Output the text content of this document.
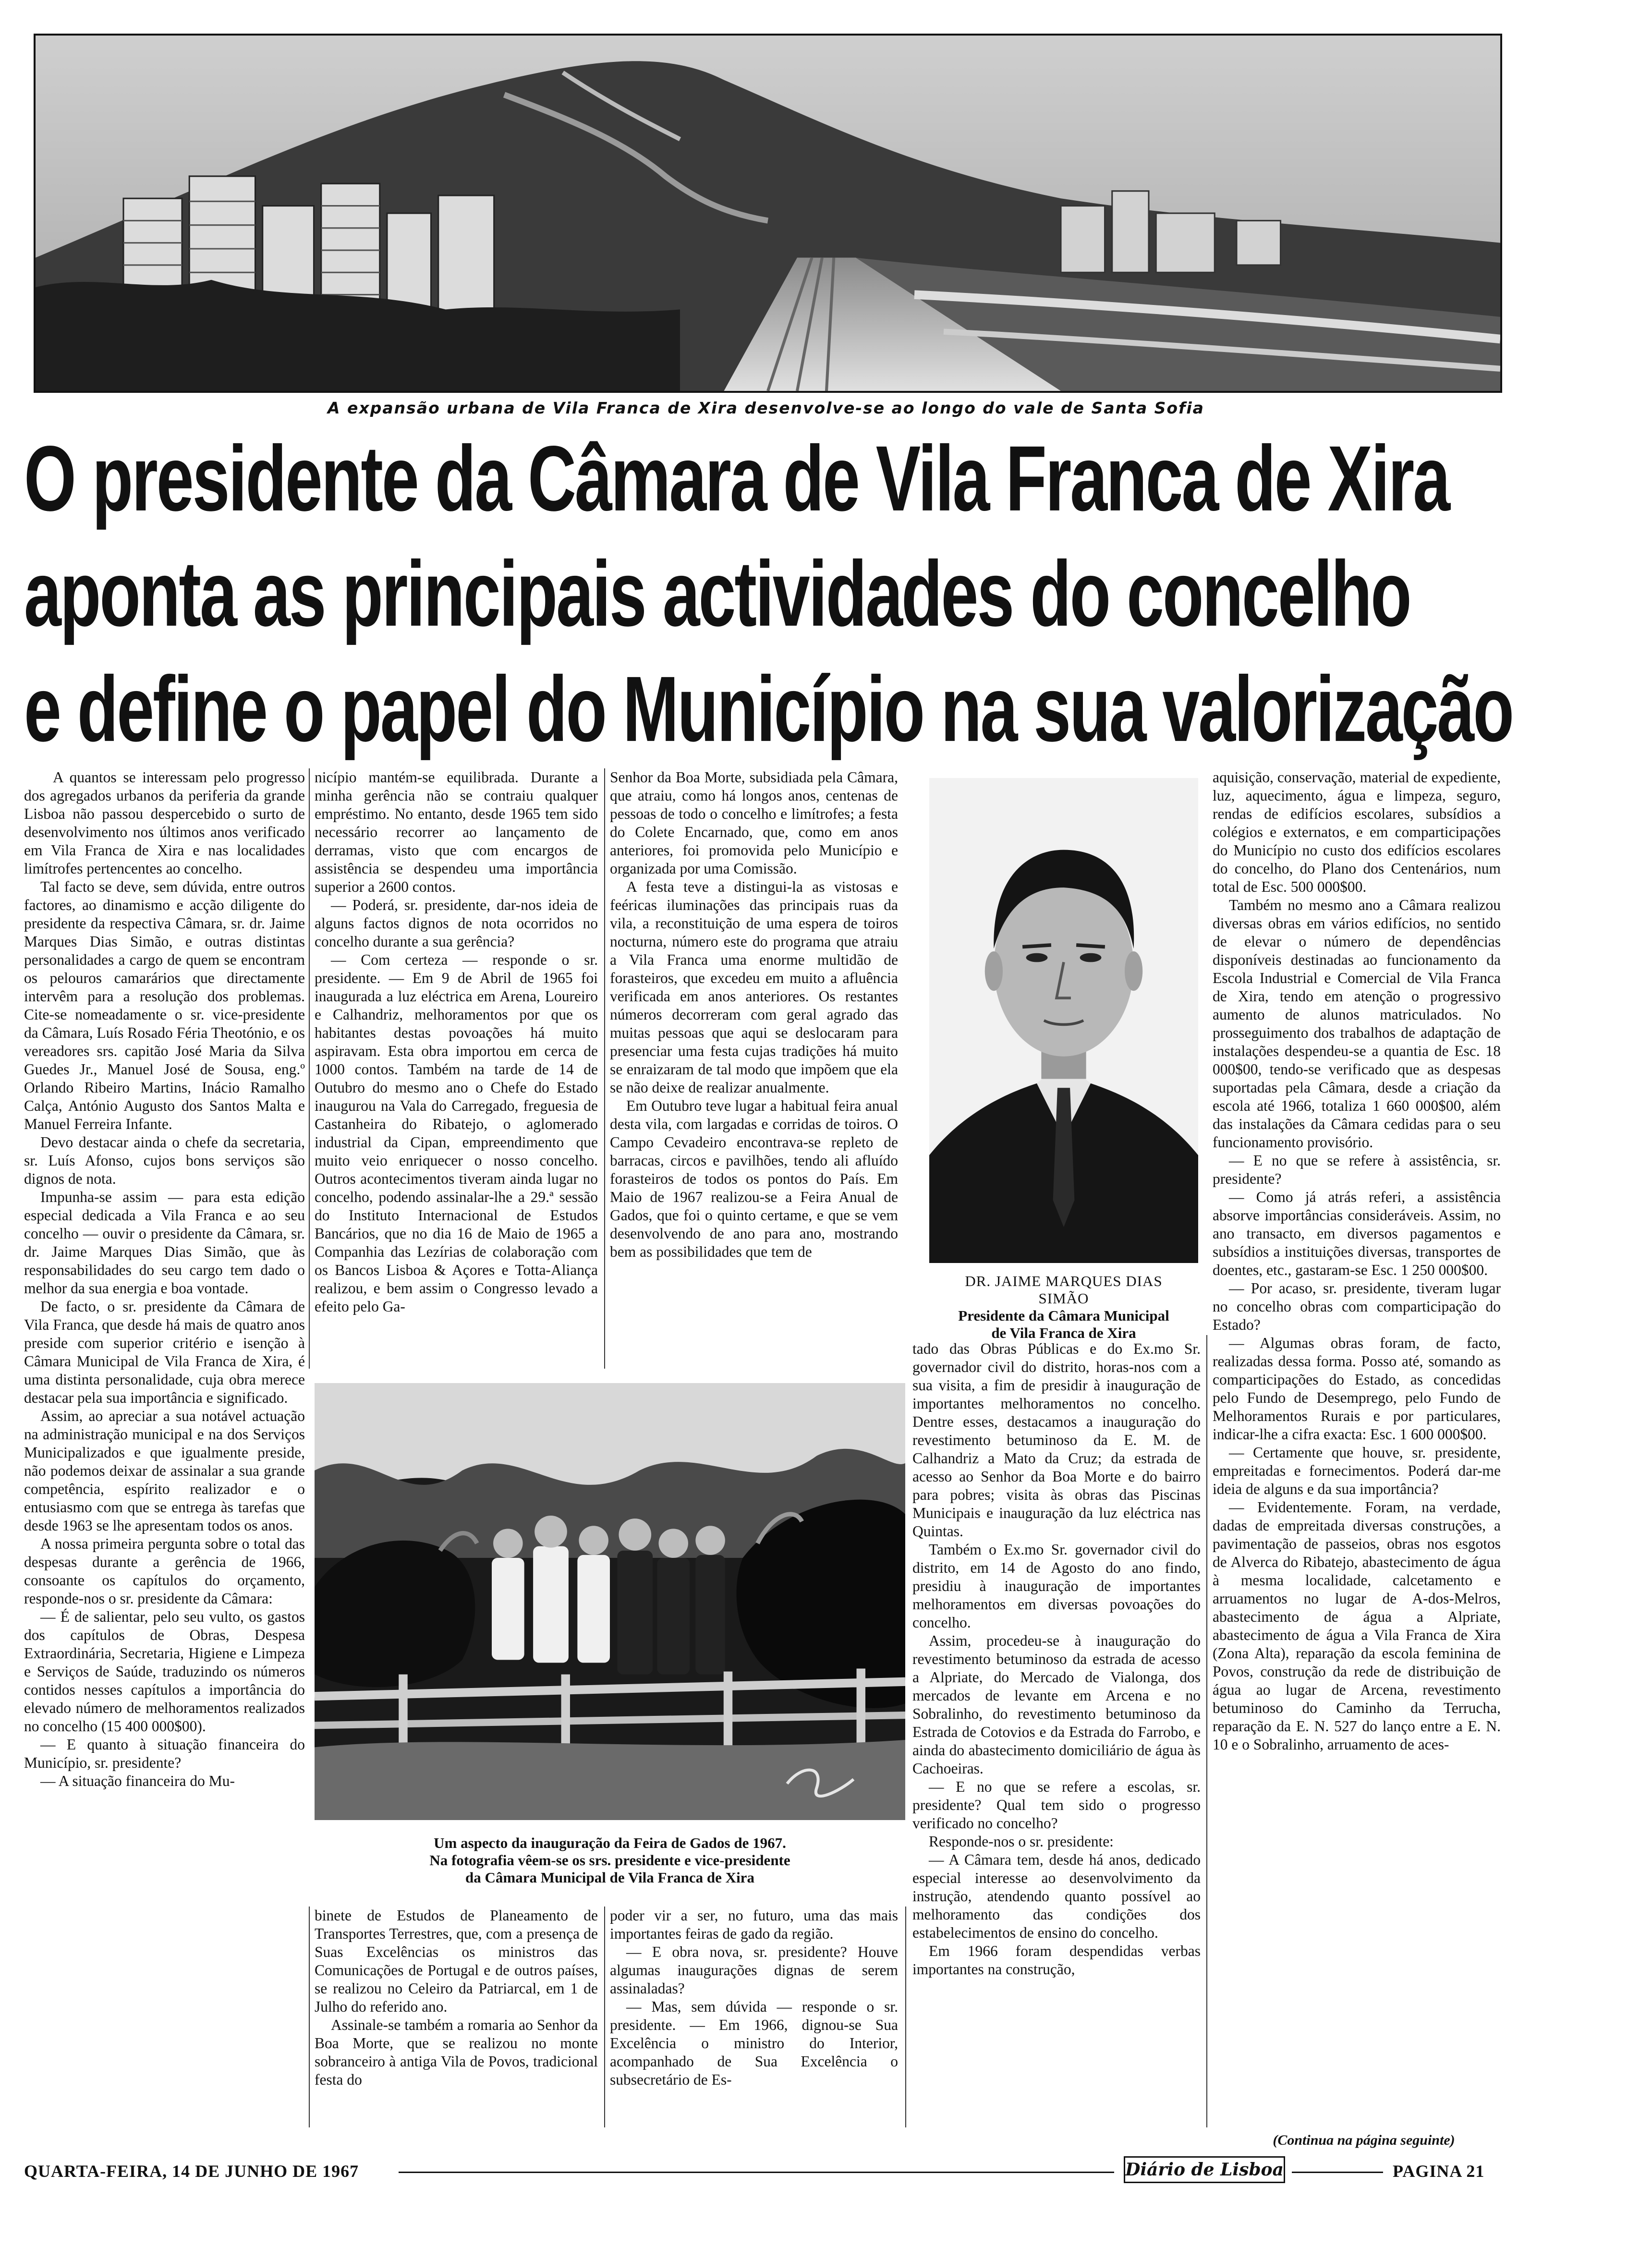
A expansão urbana de Vila Franca de Xira desenvolve-se ao longo do vale de Santa Sofia
O presidente da Câmara de Vila Franca de Xira
aponta as principais actividades do concelho
e define o papel do Município na sua valorização

A quantos se interessam pelo progresso dos agregados urbanos da periferia da grande Lisboa não passou despercebido o surto de desenvolvimento nos últimos anos verificado em Vila Franca de Xira e nas localidades limítrofes pertencentes ao concelho.

Tal facto se deve, sem dúvida, entre outros factores, ao dinamismo e acção diligente do presidente da respectiva Câmara, sr. dr. Jaime Marques Dias Simão, e outras distintas personalidades a cargo de quem se encontram os pelouros camarários que directamente intervêm para a resolução dos problemas. Cite-se nomeadamente o sr. vice-presidente da Câmara, Luís Rosado Féria Theotónio, e os vereadores srs. capitão José Maria da Silva Guedes Jr., Manuel José de Sousa, eng.º Orlando Ribeiro Martins, Inácio Ramalho Calça, António Augusto dos Santos Malta e Manuel Ferreira Infante.

Devo destacar ainda o chefe da secretaria, sr. Luís Afonso, cujos bons serviços são dignos de nota.

Impunha-se assim — para esta edição especial dedicada a Vila Franca e ao seu concelho — ouvir o presidente da Câmara, sr. dr. Jaime Marques Dias Simão, que às responsabilidades do seu cargo tem dado o melhor da sua energia e boa vontade.

De facto, o sr. presidente da Câmara de Vila Franca, que desde há mais de quatro anos preside com superior critério e isenção à Câmara Municipal de Vila Franca de Xira, é uma distinta personalidade, cuja obra merece destacar pela sua importância e significado.

Assim, ao apreciar a sua notável actuação na administração municipal e na dos Serviços Municipalizados e que igualmente preside, não podemos deixar de assinalar a sua grande competência, espírito realizador e o entusiasmo com que se entrega às tarefas que desde 1963 se lhe apresentam todos os anos.

A nossa primeira pergunta sobre o total das despesas durante a gerência de 1966, consoante os capítulos do orçamento, responde-nos o sr. presidente da Câmara:

— É de salientar, pelo seu vulto, os gastos dos capítulos de Obras, Despesa Extraordinária, Secretaria, Higiene e Limpeza e Serviços de Saúde, traduzindo os números contidos nesses capítulos a importância do elevado número de melhoramentos realizados no concelho (15 400 000$00).

— E quanto à situação financeira do Município, sr. presidente?

— A situação financeira do Mu-

nicípio mantém-se equilibrada. Durante a minha gerência não se contraiu qualquer empréstimo. No entanto, desde 1965 tem sido necessário recorrer ao lançamento de derramas, visto que com encargos de assistência se despendeu uma importância superior a 2600 contos.

— Poderá, sr. presidente, dar-nos ideia de alguns factos dignos de nota ocorridos no concelho durante a sua gerência?

— Com certeza — responde o sr. presidente. — Em 9 de Abril de 1965 foi inaugurada a luz eléctrica em Arena, Loureiro e Calhandriz, melhoramentos por que os habitantes destas povoações há muito aspiravam. Esta obra importou em cerca de 1000 contos. Também na tarde de 14 de Outubro do mesmo ano o Chefe do Estado inaugurou na Vala do Carregado, freguesia de Castanheira do Ribatejo, o aglomerado industrial da Cipan, empreendimento que muito veio enriquecer o nosso concelho. Outros acontecimentos tiveram ainda lugar no concelho, podendo assinalar-lhe a 29.ª sessão do Instituto Internacional de Estudos Bancários, que no dia 16 de Maio de 1965 a Companhia das Lezírias de colaboração com os Bancos Lisboa & Açores e Totta-Aliança realizou, e bem assim o Congresso levado a efeito pelo Ga-

Senhor da Boa Morte, subsidiada pela Câmara, que atraiu, como há longos anos, centenas de pessoas de todo o concelho e limítrofes; a festa do Colete Encarnado, que, como em anos anteriores, foi promovida pelo Município e organizada por uma Comissão.

A festa teve a distingui-la as vistosas e feéricas iluminações das principais ruas da vila, a reconstituição de uma espera de toiros nocturna, número este do programa que atraiu a Vila Franca uma enorme multidão de forasteiros, que excedeu em muito a afluência verificada em anos anteriores. Os restantes números decorreram com geral agrado das muitas pessoas que aqui se deslocaram para presenciar uma festa cujas tradições há muito se enraizaram de tal modo que impõem que ela se não deixe de realizar anualmente.

Em Outubro teve lugar a habitual feira anual desta vila, com largadas e corridas de toiros. O Campo Cevadeiro encontrava-se repleto de barracas, circos e pavilhões, tendo ali afluído forasteiros de todos os pontos do País. Em Maio de 1967 realizou-se a Feira Anual de Gados, que foi o quinto certame, e que se vem desenvolvendo de ano para ano, mostrando bem as possibilidades que tem de

DR. JAIME MARQUES DIAS
SIMÃO
Presidente da Câmara Municipal
de Vila Franca de Xira

tado das Obras Públicas e do Ex.mo Sr. governador civil do distrito, horas-nos com a sua visita, a fim de presidir à inauguração de importantes melhoramentos no concelho. Dentre esses, destacamos a inauguração do revestimento betuminoso da E. M. de Calhandriz a Mato da Cruz; da estrada de acesso ao Senhor da Boa Morte e do bairro para pobres; visita às obras das Piscinas Municipais e inauguração da luz eléctrica nas Quintas.

Também o Ex.mo Sr. governador civil do distrito, em 14 de Agosto do ano findo, presidiu à inauguração de importantes melhoramentos em diversas povoações do concelho.

Assim, procedeu-se à inauguração do revestimento betuminoso da estrada de acesso a Alpriate, do Mercado de Vialonga, dos mercados de levante em Arcena e no Sobralinho, do revestimento betuminoso da Estrada de Cotovios e da Estrada do Farrobo, e ainda do abastecimento domiciliário de água às Cachoeiras.

— E no que se refere a escolas, sr. presidente? Qual tem sido o progresso verificado no concelho?

Responde-nos o sr. presidente:

— A Câmara tem, desde há anos, dedicado especial interesse ao desenvolvimento da instrução, atendendo quanto possível ao melhoramento das condições dos estabelecimentos de ensino do concelho.

Em 1966 foram despendidas verbas importantes na construção,

aquisição, conservação, material de expediente, luz, aquecimento, água e limpeza, seguro, rendas de edifícios escolares, subsídios a colégios e externatos, e em comparticipações do Município no custo dos edifícios escolares do concelho, do Plano dos Centenários, num total de Esc. 500 000$00.

Também no mesmo ano a Câmara realizou diversas obras em vários edifícios, no sentido de elevar o número de dependências disponíveis destinadas ao funcionamento da Escola Industrial e Comercial de Vila Franca de Xira, tendo em atenção o progressivo aumento de alunos matriculados. No prosseguimento dos trabalhos de adaptação de instalações despendeu-se a quantia de Esc. 18 000$00, tendo-se verificado que as despesas suportadas pela Câmara, desde a criação da escola até 1966, totaliza 1 660 000$00, além das instalações da Câmara cedidas para o seu funcionamento provisório.

— E no que se refere à assistência, sr. presidente?

— Como já atrás referi, a assistência absorve importâncias consideráveis. Assim, no ano transacto, em diversos pagamentos e subsídios a instituições diversas, transportes de doentes, etc., gastaram-se Esc. 1 250 000$00.

— Por acaso, sr. presidente, tiveram lugar no concelho obras com comparticipação do Estado?

— Algumas obras foram, de facto, realizadas dessa forma. Posso até, somando as comparticipações do Estado, as concedidas pelo Fundo de Desemprego, pelo Fundo de Melhoramentos Rurais e por particulares, indicar-lhe a cifra exacta: Esc. 1 600 000$00.

— Certamente que houve, sr. presidente, empreitadas e fornecimentos. Poderá dar-me ideia de alguns e da sua importância?

— Evidentemente. Foram, na verdade, dadas de empreitada diversas construções, a pavimentação de passeios, obras nos esgotos de Alverca do Ribatejo, abastecimento de água à mesma localidade, calcetamento e arruamentos no lugar de A-dos-Melros, abastecimento de água a Alpriate, abastecimento de água a Vila Franca de Xira (Zona Alta), reparação da escola feminina de Povos, construção da rede de distribuição de água ao lugar de Arcena, revestimento betuminoso do Caminho da Terrucha, reparação da E. N. 527 do lanço entre a E. N. 10 e o Sobralinho, arruamento de aces-

Um aspecto da inauguração da Feira de Gados de 1967.
Na fotografia vêem-se os srs. presidente e vice-presidente
da Câmara Municipal de Vila Franca de Xira

binete de Estudos de Planeamento de Transportes Terrestres, que, com a presença de Suas Excelências os ministros das Comunicações de Portugal e de outros países, se realizou no Celeiro da Patriarcal, em 1 de Julho do referido ano.

Assinale-se também a romaria ao Senhor da Boa Morte, que se realizou no monte sobranceiro à antiga Vila de Povos, tradicional festa do

poder vir a ser, no futuro, uma das mais importantes feiras de gado da região.

— E obra nova, sr. presidente? Houve algumas inaugurações dignas de serem assinaladas?

— Mas, sem dúvida — responde o sr. presidente. — Em 1966, dignou-se Sua Excelência o ministro do Interior, acompanhado de Sua Excelência o subsecretário de Es-

(Continua na página seguinte)
QUARTA-FEIRA, 14 DE JUNHO DE 1967	Diário de Lisboa	PAGINA 21
